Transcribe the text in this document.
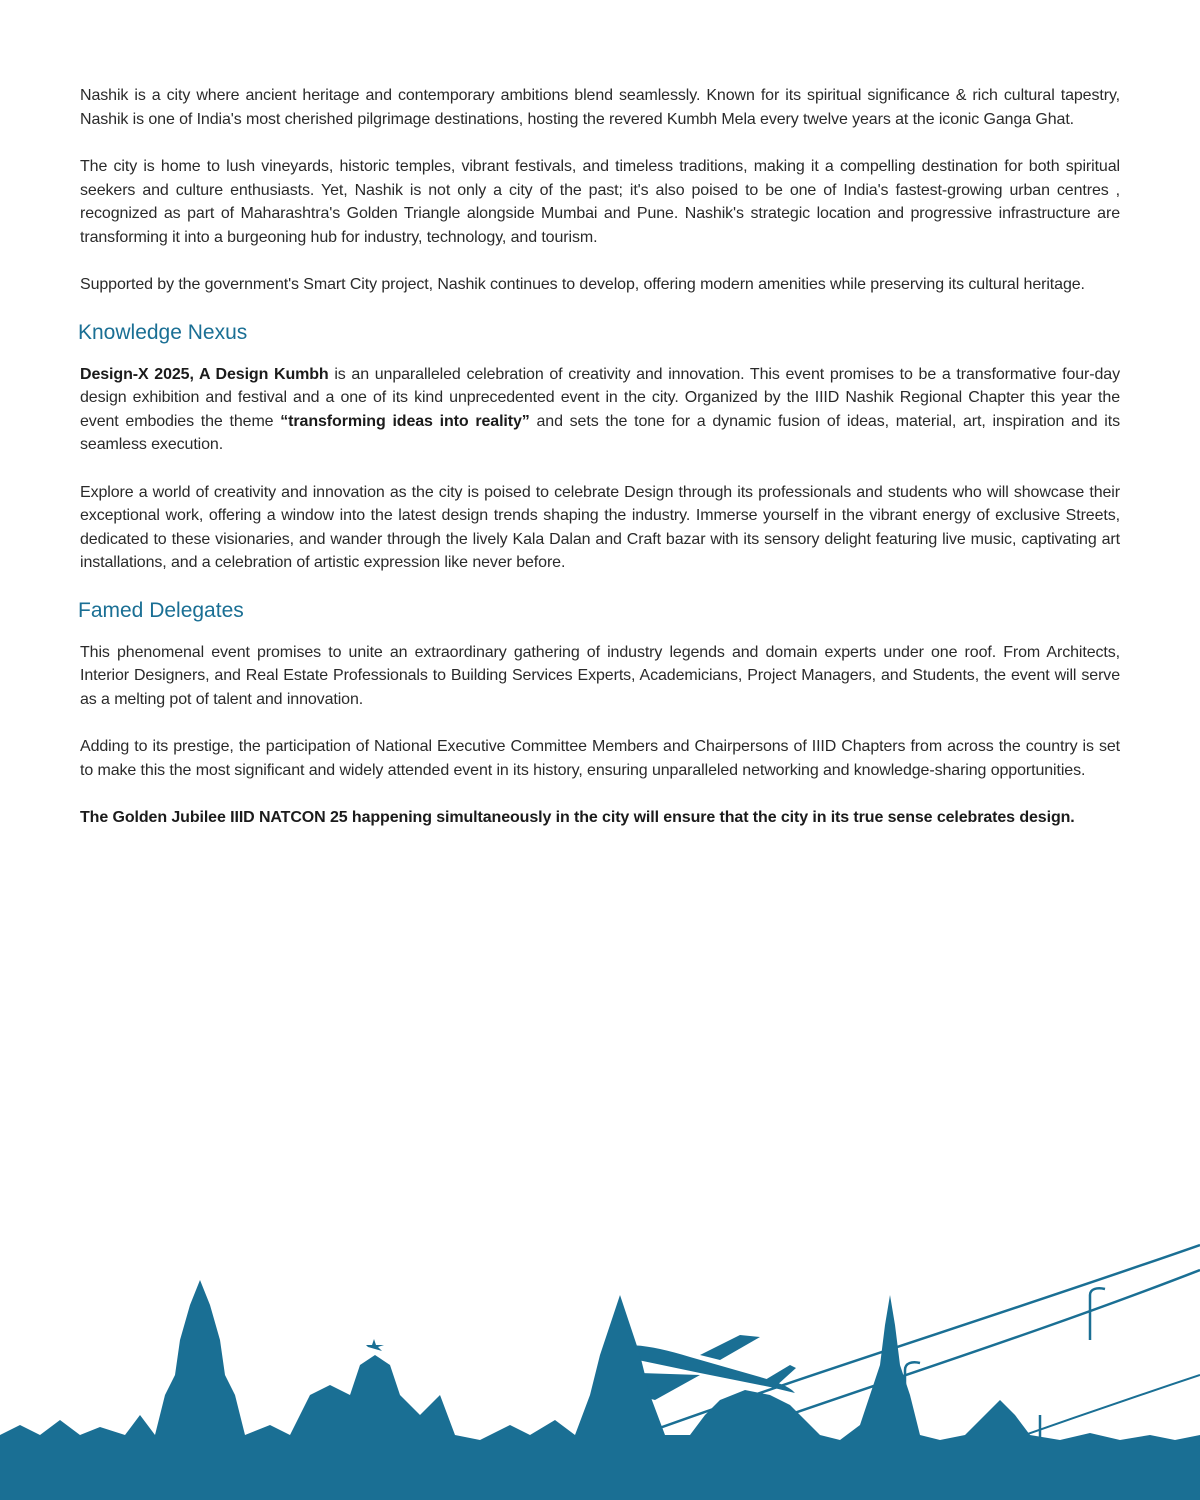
Nashik is a city where ancient heritage and contemporary ambitions blend seamlessly. Known for its spiritual significance & rich cultural tapestry, Nashik is one of India's most cherished pilgrimage destinations, hosting the revered Kumbh Mela every twelve years at the iconic Ganga Ghat.

The city is home to lush vineyards, historic temples, vibrant festivals, and timeless traditions, making it a compelling destination for both spiritual seekers and culture enthusiasts. Yet, Nashik is not only a city of the past; it's also poised to be one of India's fastest-growing urban centres , recognized as part of Maharashtra's Golden Triangle alongside Mumbai and Pune. Nashik's strategic location and progressive infrastructure are transforming it into a burgeoning hub for industry, technology, and tourism.

Supported by the government's Smart City project, Nashik continues to develop, offering modern amenities while preserving its cultural heritage.

Knowledge Nexus

Design-X 2025, A Design Kumbh is an unparalleled celebration of creativity and innovation. This event promises to be a transformative four-day design exhibition and festival and a one of its kind unprecedented event in the city. Organized by the IIID Nashik Regional Chapter this year the event embodies the theme “transforming ideas into reality” and sets the tone for a dynamic fusion of ideas, material, art, inspiration and its seamless execution.

Explore a world of creativity and innovation as the city is poised to celebrate Design through its professionals and students who will showcase their exceptional work, offering a window into the latest design trends shaping the industry. Immerse yourself in the vibrant energy of exclusive Streets, dedicated to these visionaries, and wander through the lively Kala Dalan and Craft bazar with its sensory delight featuring live music, captivating art installations, and a celebration of artistic expression like never before.

Famed Delegates

This phenomenal event promises to unite an extraordinary gathering of industry legends and domain experts under one roof. From Architects, Interior Designers, and Real Estate Professionals to Building Services Experts, Academicians, Project Managers, and Students, the event will serve as a melting pot of talent and innovation.

Adding to its prestige, the participation of National Executive Committee Members and Chairpersons of IIID Chapters from across the country is set to make this the most significant and widely attended event in its history, ensuring unparalleled networking and knowledge-sharing opportunities.

The Golden Jubilee IIID NATCON 25 happening simultaneously in the city will ensure that the city in its true sense celebrates design.
